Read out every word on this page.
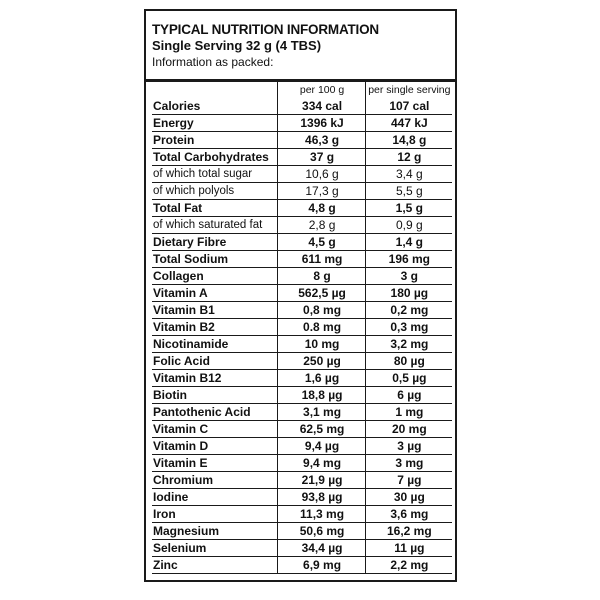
TYPICAL NUTRITION INFORMATION
Single Serving 32 g (4 TBS)
Information as packed:
	per 100 g	per single serving
Calories	334 cal	107 cal
Energy	1396 kJ	447 kJ
Protein	46,3 g	14,8 g
Total Carbohydrates	37 g	12 g
of which total sugar	10,6 g	3,4 g
of which polyols	17,3 g	5,5 g
Total Fat	4,8 g	1,5 g
of which saturated fat	2,8 g	0,9 g
Dietary Fibre	4,5 g	1,4 g
Total Sodium	611 mg	196 mg
Collagen	8 g	3 g
Vitamin A	562,5 µg	180 µg
Vitamin B1	0,8 mg	0,2 mg
Vitamin B2	0.8 mg	0,3 mg
Nicotinamide	10 mg	3,2 mg
Folic Acid	250 µg	80 µg
Vitamin B12	1,6 µg	0,5 µg
Biotin	18,8 µg	6 µg
Pantothenic Acid	3,1 mg	1 mg
Vitamin C	62,5 mg	20 mg
Vitamin D	9,4 µg	3 µg
Vitamin E	9,4 mg	3 mg
Chromium	21,9 µg	7 µg
Iodine	93,8 µg	30 µg
Iron	11,3 mg	3,6 mg
Magnesium	50,6 mg	16,2 mg
Selenium	34,4 µg	11 µg
Zinc	6,9 mg	2,2 mg
